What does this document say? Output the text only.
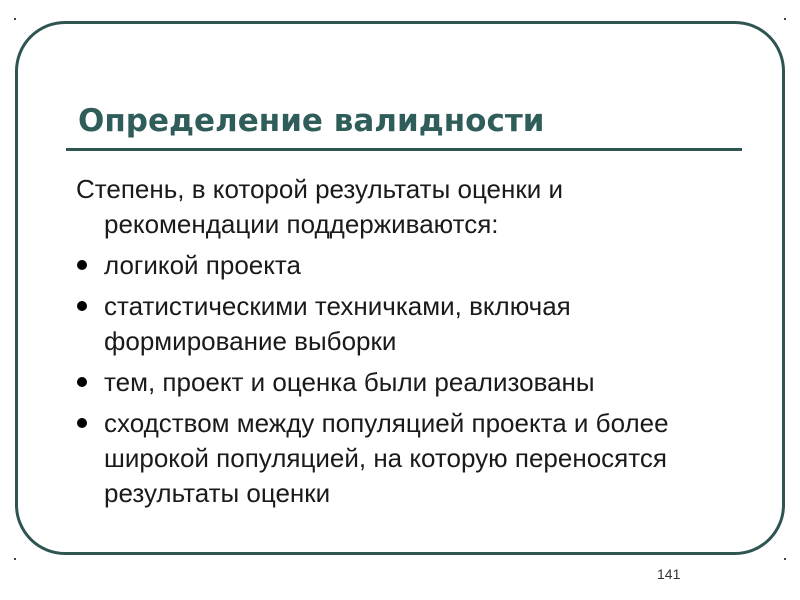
Определение валидности

Степень, в которой результаты оценки и рекомендации поддерживаются:

логикой проекта
статистическими техничками, включая формирование выборки
тем, проект и оценка были реализованы
сходством между популяцией проекта и более широкой популяцией, на которую переносятся результаты оценки
141
